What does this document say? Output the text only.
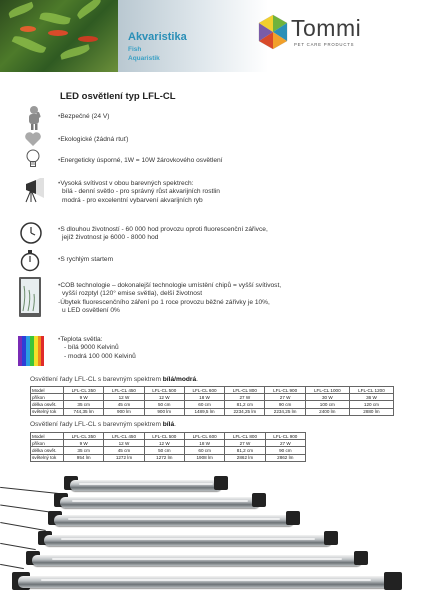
Akvaristika
Fish
Aquaristik
Tommi
PET CARE PRODUCTS
LED osvětlení typ LFL-CL
•Bezpečné (24 V)
•Ekologické (žádná rtuť)
•Energeticky úsporné, 1W = 10W žárovkového osvětlení
•Vysoká svítivost v obou barevných spektrech:
bílá - denní světlo - pro správný růst akvarijních rostlin
modrá - pro excelentní vybarvení akvarijních ryb
•S dlouhou životností - 60 000 hod provozu oproti fluorescenční zářivce,
jejíž životnost je 6000 - 8000 hod
•S rychlým startem
•COB technologie – dokonalejší technologie umístění chipů = vyšší svítivost,
vyšší rozptyl (120° emise světla), delší životnost
-Úbytek fluorescenčního záření po 1 roce provozu běžné zářivky je 10%,
u LED osvětlení 0%
•Teplota světla:
- bílá 9000 Kelvinů
- modrá 100 000 Kelvinů
Osvětlení řady LFL-CL s barevným spektrem bílá/modrá.
Model	LFL-CL 350	LFL-CL 450	LFL-CL 500	LFL-CL 600	LFL-CL 800	LFL-CL 900	LFL-CL 1000	LFL-CL 1200
příkon	9 W	12 W	12 W	18 W	27 W	27 W	30 W	36 W
délka osvět.	35 cm	45 cm	50 cm	60 cm	81,2 cm	90 cm	100 cm	120 cm
světelný tok	744,35 lm	900 lm	900 lm	1489,5 lm	2234,25 lm	2234,25 lm	2400 lm	2880 lm
Osvětlení řady LFL-CL s barevným spektrem bílá.
Model	LFL-CL 350	LFL-CL 450	LFL-CL 500	LFL-CL 600	LFL-CL 800	LFL-CL 900
příkon	9 W	12 W	12 W	18 W	27 W	27 W
délka osvět.	35 cm	45 cm	50 cm	60 cm	81,2 cm	90 cm
světelný tok	954 lm	1272 lm	1272 lm	1908 lm	2862 lm	2862 lm
